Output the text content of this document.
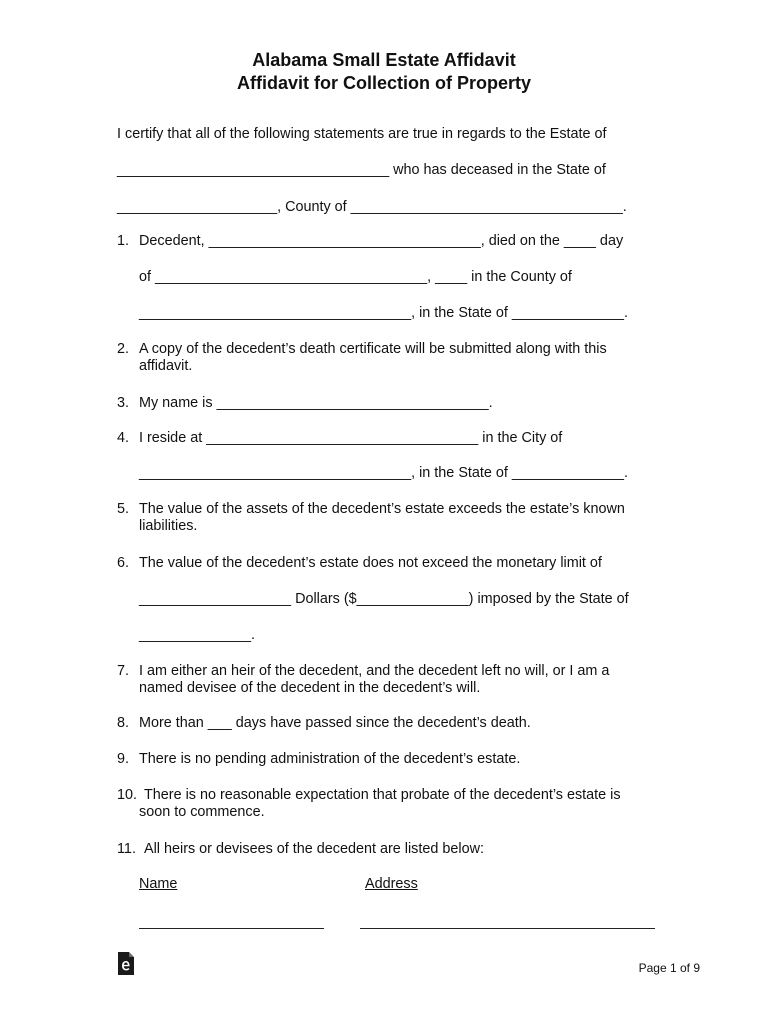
Alabama Small Estate Affidavit
Affidavit for Collection of Property
I certify that all of the following statements are true in regards to the Estate of
__________________________________ who has deceased in the State of
____________________, County of __________________________________.
1. Decedent, __________________________________, died on the ____ day
of __________________________________, ____ in the County of
__________________________________, in the State of ______________.
2. A copy of the decedent’s death certificate will be submitted along with this
affidavit.
3. My name is __________________________________.
4. I reside at __________________________________ in the City of
__________________________________, in the State of ______________.
5. The value of the assets of the decedent’s estate exceeds the estate’s known
liabilities.
6. The value of the decedent’s estate does not exceed the monetary limit of
___________________ Dollars ($______________) imposed by the State of
______________.
7. I am either an heir of the decedent, and the decedent left no will, or I am a
named devisee of the decedent in the decedent’s will.
8. More than ___ days have passed since the decedent’s death.
9. There is no pending administration of the decedent’s estate.
10. There is no reasonable expectation that probate of the decedent’s estate is
soon to commence.
11. All heirs or devisees of the decedent are listed below:
Name	Address
Page 1 of 9
